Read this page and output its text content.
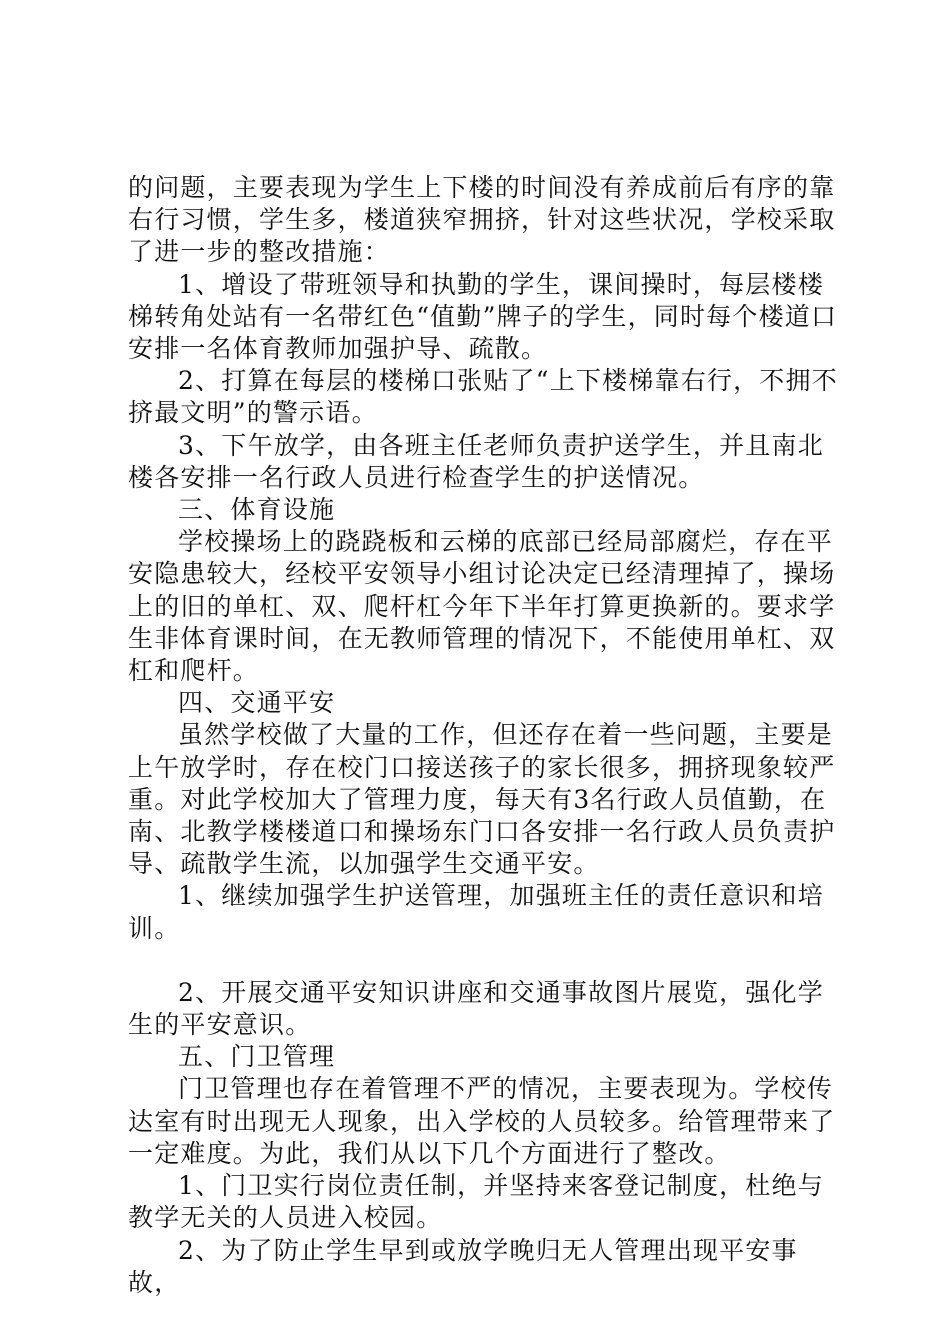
的问题，主要表现为学生上下楼的时间没有养成前后有序的靠右行习惯，学生多，楼道狭窄拥挤，针对这些状况，学校采取了进一步的整改措施：

1、增设了带班领导和执勤的学生，课间操时，每层楼楼梯转角处站有一名带红色“值勤”牌子的学生，同时每个楼道口安排一名体育教师加强护导、疏散。

2、打算在每层的楼梯口张贴了“上下楼梯靠右行，不拥不挤最文明”的警示语。

3、下午放学，由各班主任老师负责护送学生，并且南北楼各安排一名行政人员进行检查学生的护送情况。

三、体育设施

学校操场上的跷跷板和云梯的底部已经局部腐烂，存在平安隐患较大，经校平安领导小组讨论决定已经清理掉了，操场上的旧的单杠、双、爬杆杠今年下半年打算更换新的。要求学生非体育课时间，在无教师管理的情况下，不能使用单杠、双杠和爬杆。

四、交通平安

虽然学校做了大量的工作，但还存在着一些问题，主要是上午放学时，存在校门口接送孩子的家长很多，拥挤现象较严重。对此学校加大了管理力度，每天有3名行政人员值勤，在南、北教学楼楼道口和操场东门口各安排一名行政人员负责护导、疏散学生流，以加强学生交通平安。

1、继续加强学生护送管理，加强班主任的责任意识和培训。

2、开展交通平安知识讲座和交通事故图片展览，强化学生的平安意识。

五、门卫管理

门卫管理也存在着管理不严的情况，主要表现为。学校传达室有时出现无人现象，出入学校的人员较多。给管理带来了一定难度。为此，我们从以下几个方面进行了整改。

1、门卫实行岗位责任制，并坚持来客登记制度，杜绝与教学无关的人员进入校园。

2、为了防止学生早到或放学晚归无人管理出现平安事故，
